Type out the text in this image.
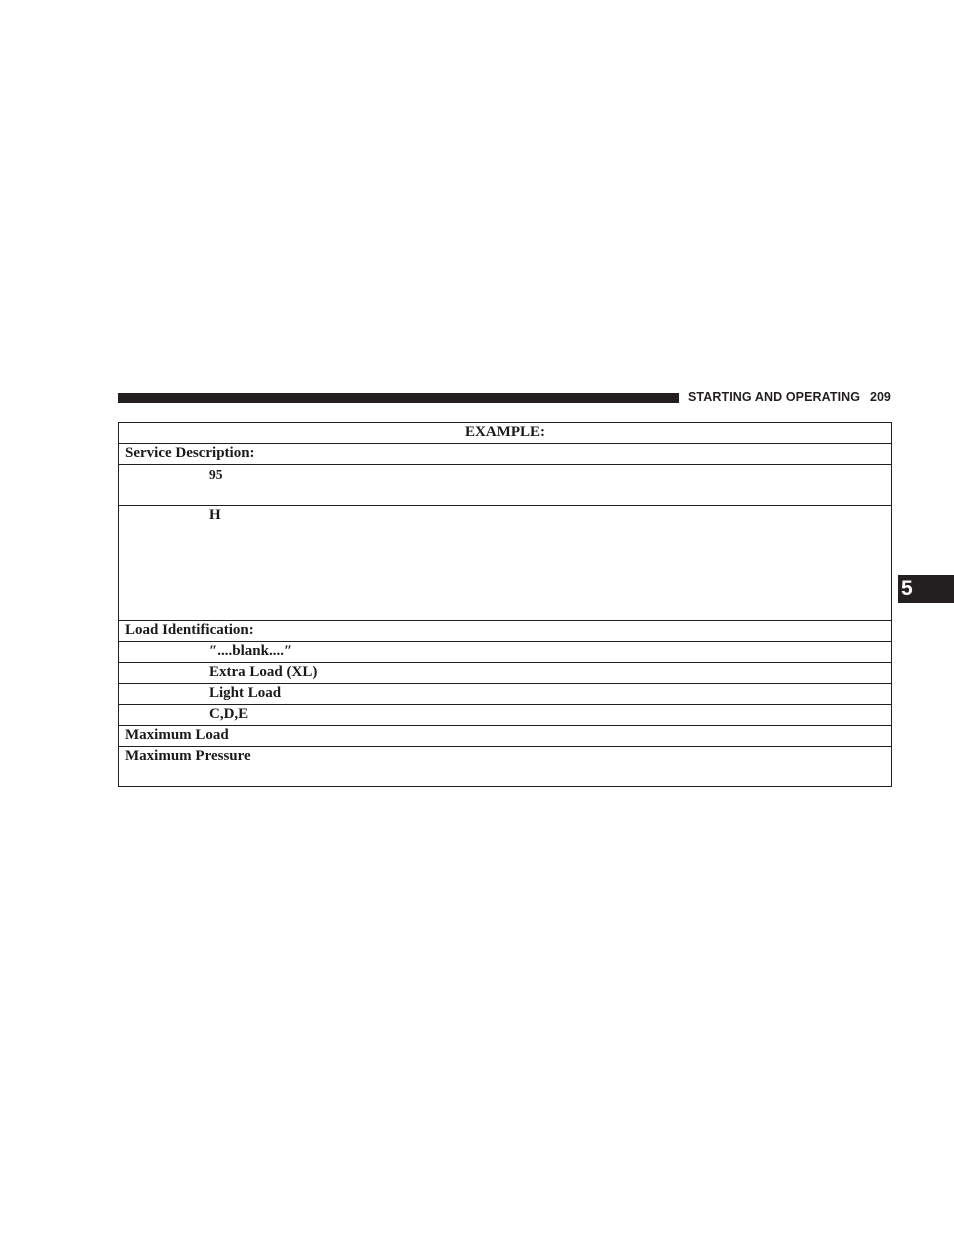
STARTING AND OPERATING 209
5
EXAMPLE:
Service Description:
95
H
Load Identification:
″....blank....″
Extra Load (XL)
Light Load
C,D,E
Maximum Load
Maximum Pressure
